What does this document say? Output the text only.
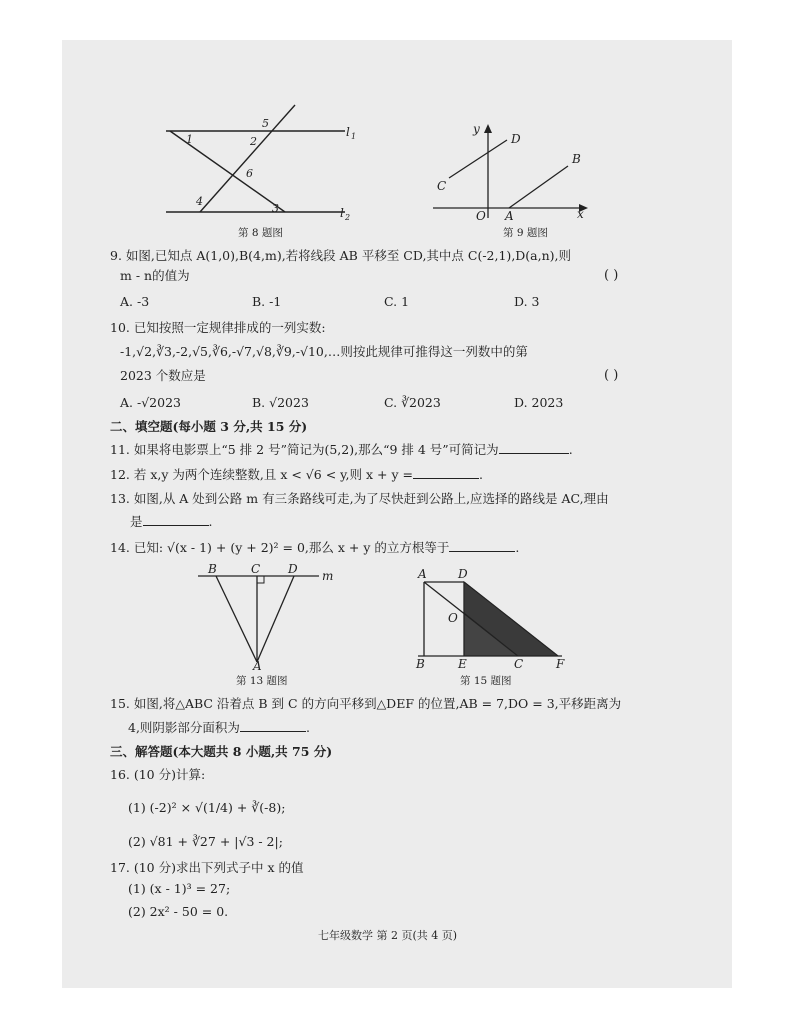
1	2
3
4
5
6
l 1
l 2
第 8 题图
y
x
O A
B
C
D
第 9 题图
9. 如图,已知点 A(1,0),B(4,m),若将线段 AB 平移至 CD,其中点 C(-2,1),D(a,n),则
m - n的值为	( )
A. -3	B. -1	C. 1	D. 3
10. 已知按照一定规律排成的一列实数:
-1,√2,∛3,-2,√5,∛6,-√7,√8,∛9,-√10,…则按此规律可推得这一列数中的第
2023 个数应是	( )
A. -√2023	B. √2023	C. ∛2023	D. 2023
二、填空题(每小题 3 分,共 15 分)
11. 如果将电影票上“5 排 2 号”简记为(5,2),那么“9 排 4 号”可简记为	.
12. 若 x,y 为两个连续整数,且 x < √6 < y,则 x + y =	.
13. 如图,从 A 处到公路 m 有三条路线可走,为了尽快赶到公路上,应选择的路线是 AC,理由
是	.
14. 已知: √(x - 1) + (y + 2)² = 0,那么 x + y 的立方根等于	.
B	C D m
A
第 13 题图
A	D
O
B	E	C	F
第 15 题图
15. 如图,将△ABC 沿着点 B 到 C 的方向平移到△DEF 的位置,AB = 7,DO = 3,平移距离为
4,则阴影部分面积为	.
三、解答题(本大题共 8 小题,共 75 分)
16. (10 分)计算:
(1) (-2)² × √(1/4) + ∛(-8);
(2) √81 + ∛27 + |√3 - 2|;
17. (10 分)求出下列式子中 x 的值
(1) (x - 1)³ = 27;
(2) 2x² - 50 = 0.
七年级数学 第 2 页(共 4 页)
